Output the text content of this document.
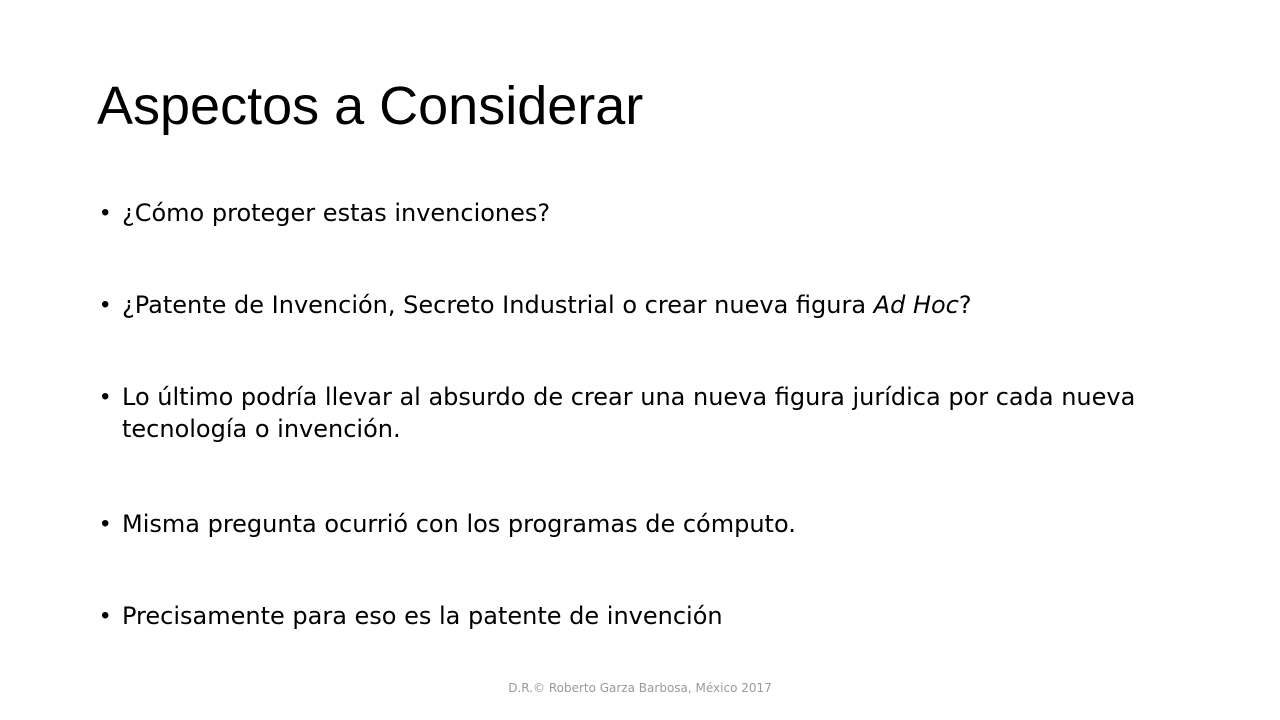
Aspectos a Considerar
• ¿Cómo proteger estas invenciones?
• ¿Patente de Invención, Secreto Industrial o crear nueva figura Ad Hoc?
• Lo último podría llevar al absurdo de crear una nueva figura jurídica por cada nueva tecnología o invención.
• Misma pregunta ocurrió con los programas de cómputo.
• Precisamente para eso es la patente de invención
D.R.© Roberto Garza Barbosa, México 2017
